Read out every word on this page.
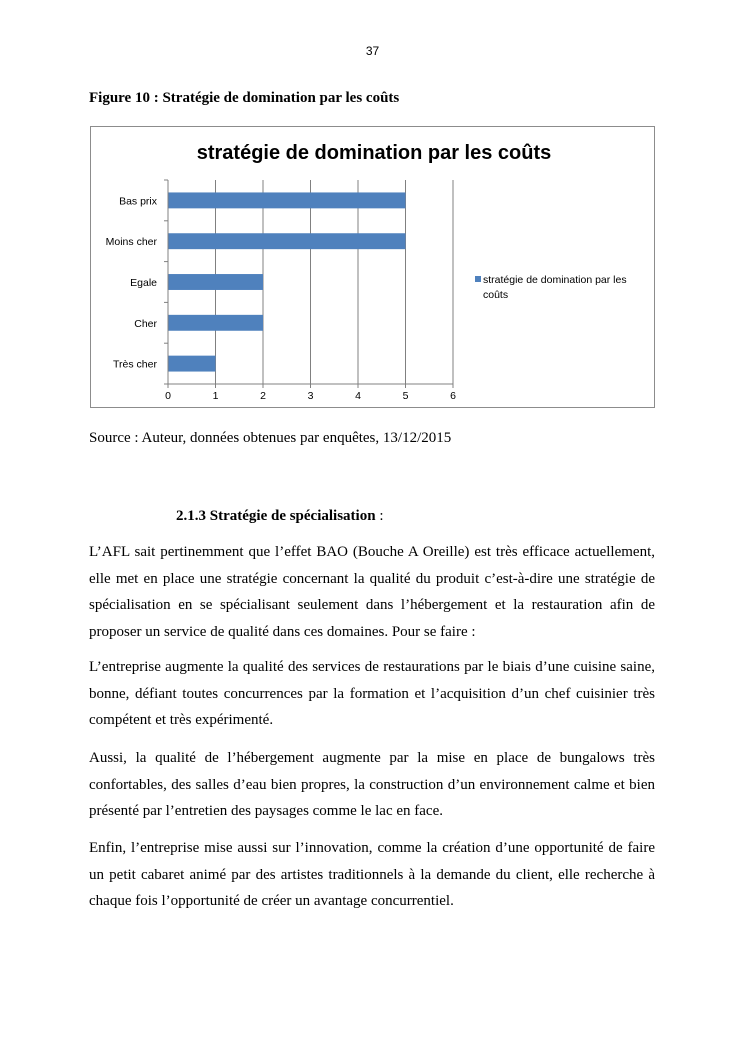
37
Figure 10 : Stratégie de domination par les coûts
stratégie de domination par les coûts
Bas prix
Moins cher
Egale
Cher
Très cher
0	1	2	3	4	5	6
stratégie de domination par les
coûts
Source : Auteur, données obtenues par enquêtes, 13/12/2015
2.1.3 Stratégie de spécialisation :

L’AFL sait pertinemment que l’effet BAO (Bouche A Oreille) est très efficace actuellement, elle met en place une stratégie concernant la qualité du produit c’est-à-dire une stratégie de spécialisation en se spécialisant seulement dans l’hébergement et la restauration afin de proposer un service de qualité dans ces domaines. Pour se faire :

L’entreprise augmente la qualité des services de restaurations par le biais d’une cuisine saine, bonne, défiant toutes concurrences par la formation et l’acquisition d’un chef cuisinier très compétent et très expérimenté.

Aussi, la qualité de l’hébergement augmente par la mise en place de bungalows très confortables, des salles d’eau bien propres, la construction d’un environnement calme et bien présenté par l’entretien des paysages comme le lac en face.

Enfin, l’entreprise mise aussi sur l’innovation, comme la création d’une opportunité de faire un petit cabaret animé par des artistes traditionnels à la demande du client, elle recherche à chaque fois l’opportunité de créer un avantage concurrentiel.
